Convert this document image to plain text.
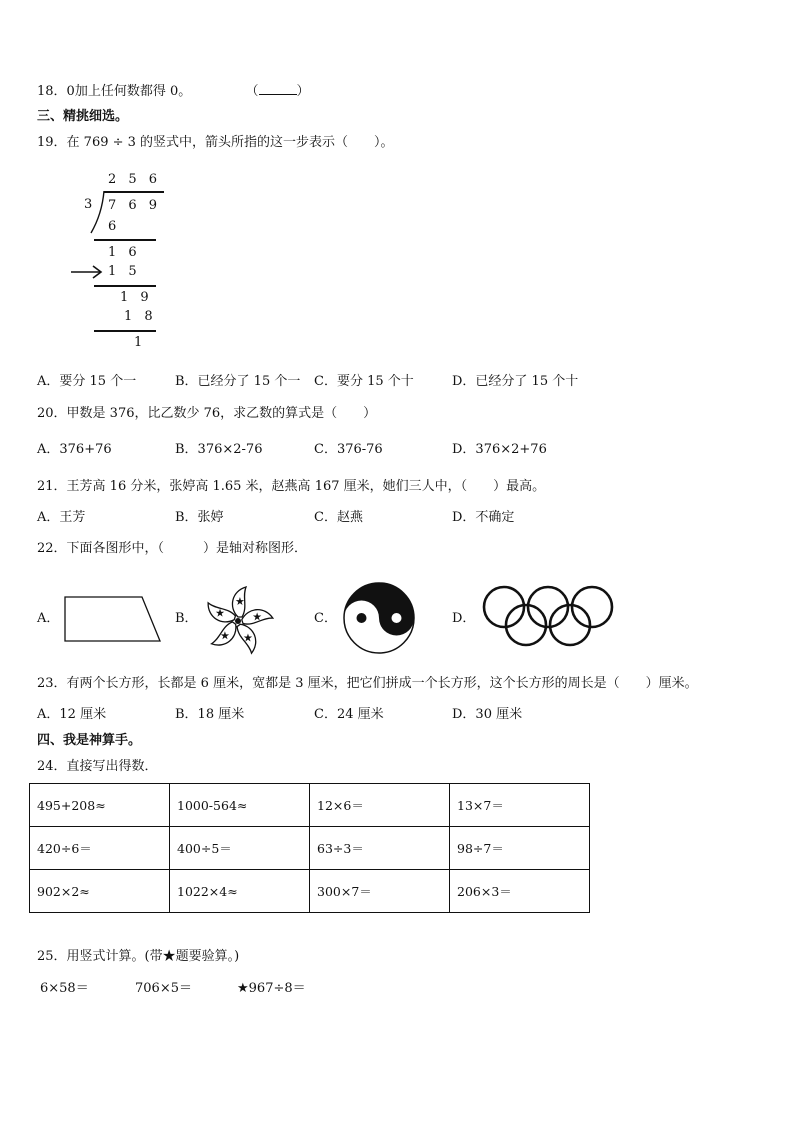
18．0加上任何数都得 0。	（	）
三、精挑细选。
19．在 769 ÷ 3 的竖式中，箭头所指的这一步表示（　　）。
2 5 6
3 7 6 9
6
1 6
1 5
1 9
1 8
1
A．要分 15 个一	B．已经分了 15 个一 C．要分 15 个十	D．已经分了 15 个十
20．甲数是 376，比乙数少 76，求乙数的算式是（　　）
A．376+76	B．376×2-76	C．376-76	D．376×2+76
21．王芳高 16 分米，张婷高 1.65 米，赵燕高 167 厘米，她们三人中，（　　）最高。
A．王芳	B．张婷	C．赵燕	D．不确定
22．下面各图形中，（　　　）是轴对称图形．
A．	B．
★
★
★
★
★	C．	D．
23．有两个长方形，长都是 6 厘米，宽都是 3 厘米，把它们拼成一个长方形，这个长方形的周长是（　　）厘米。
A．12 厘米	B．18 厘米	C．24 厘米	D．30 厘米
四、我是神算手。
24．直接写出得数．
495+208≈	1000-564≈	12×6＝	13×7＝
420÷6＝	400÷5＝	63÷3＝	98÷7＝
902×2≈	1022×4≈	300×7＝	206×3＝
25．用竖式计算。(带★题要验算。)
6×58＝	706×5＝	★967÷8＝
